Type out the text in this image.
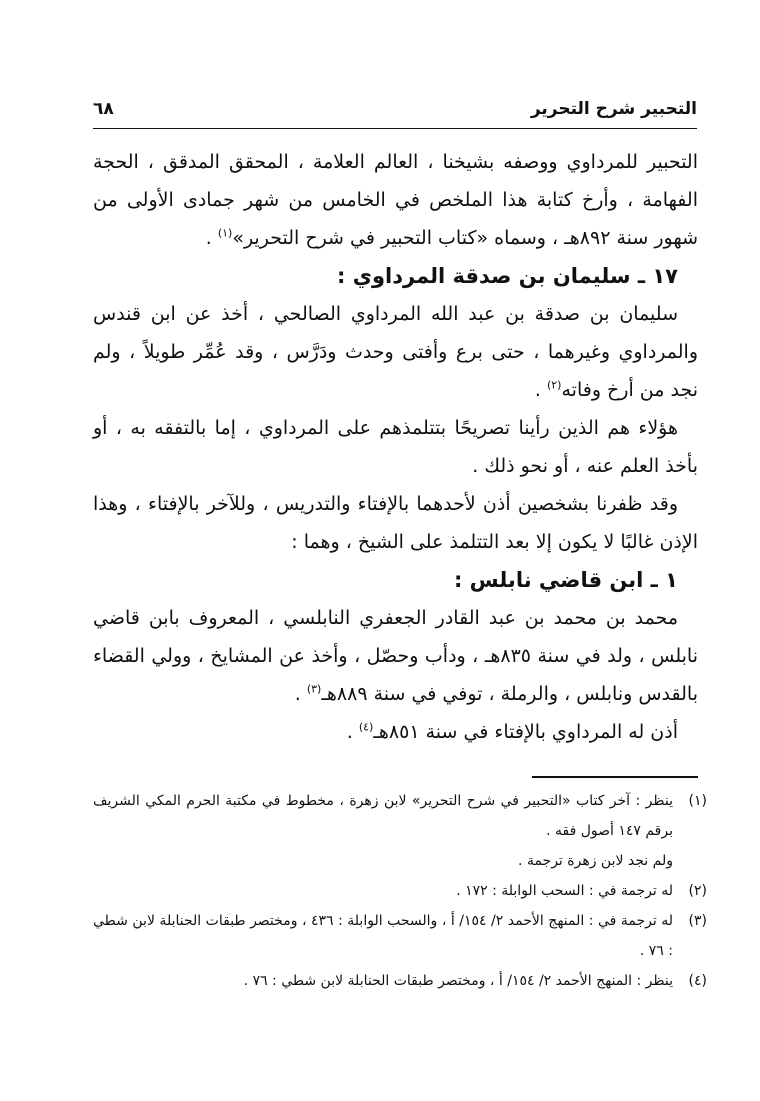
التحبير شرح التحرير
٦٨

التحبير للمرداوي ووصفه بشيخنا ، العالم العلامة ، المحقق المدقق ، الحجة الفهامة ، وأرخ كتابة هذا الملخص في الخامس من شهر جمادى الأولى من شهور سنة ٨٩٢هـ ، وسماه «كتاب التحبير في شرح التحرير»$^{(١)}$ .

١٧ ـ سليمان بن صدقة المرداوي :

سليمان بن صدقة بن عبد الله المرداوي الصالحي ، أخذ عن ابن قندس والمرداوي وغيرهما ، حتى برع وأفتى وحدث ودَرَّس ، وقد عُمِّر طويلاً ، ولم نجد من أرخ وفاته$^{(٢)}$ .

هؤلاء هم الذين رأينا تصريحًا بتتلمذهم على المرداوي ، إما بالتفقه به ، أو بأخذ العلم عنه ، أو نحو ذلك .

وقد ظفرنا بشخصين أذن لأحدهما بالإفتاء والتدريس ، وللآخر بالإفتاء ، وهذا الإذن غالبًا لا يكون إلا بعد التتلمذ على الشيخ ، وهما :

١ ـ ابن قاضي نابلس :

محمد بن محمد بن عبد القادر الجعفري النابلسي ، المعروف بابن قاضي نابلس ، ولد في سنة ٨٣٥هـ ، ودأب وحصّل ، وأخذ عن المشايخ ، وولي القضاء بالقدس ونابلس ، والرملة ، توفي في سنة ٨٨٩هـ$^{(٣)}$ .

أذن له المرداوي بالإفتاء في سنة ٨٥١هـ$^{(٤)}$ .

(١)
ينظر : آخر كتاب «التحبير في شرح التحرير» لابن زهرة ، مخطوط في مكتبة الحرم المكي الشريف برقم ١٤٧ أصول فقه .
ولم نجد لابن زهرة ترجمة .
(٢)
له ترجمة في : السحب الوابلة : ١٧٢ .
(٣)
له ترجمة في : المنهج الأحمد ٢/ ١٥٤/ أ ، والسحب الوابلة : ٤٣٦ ، ومختصر طبقات الحنابلة لابن شطي : ٧٦ .
(٤)
ينظر : المنهج الأحمد ٢/ ١٥٤/ أ ، ومختصر طبقات الحنابلة لابن شطي : ٧٦ .
